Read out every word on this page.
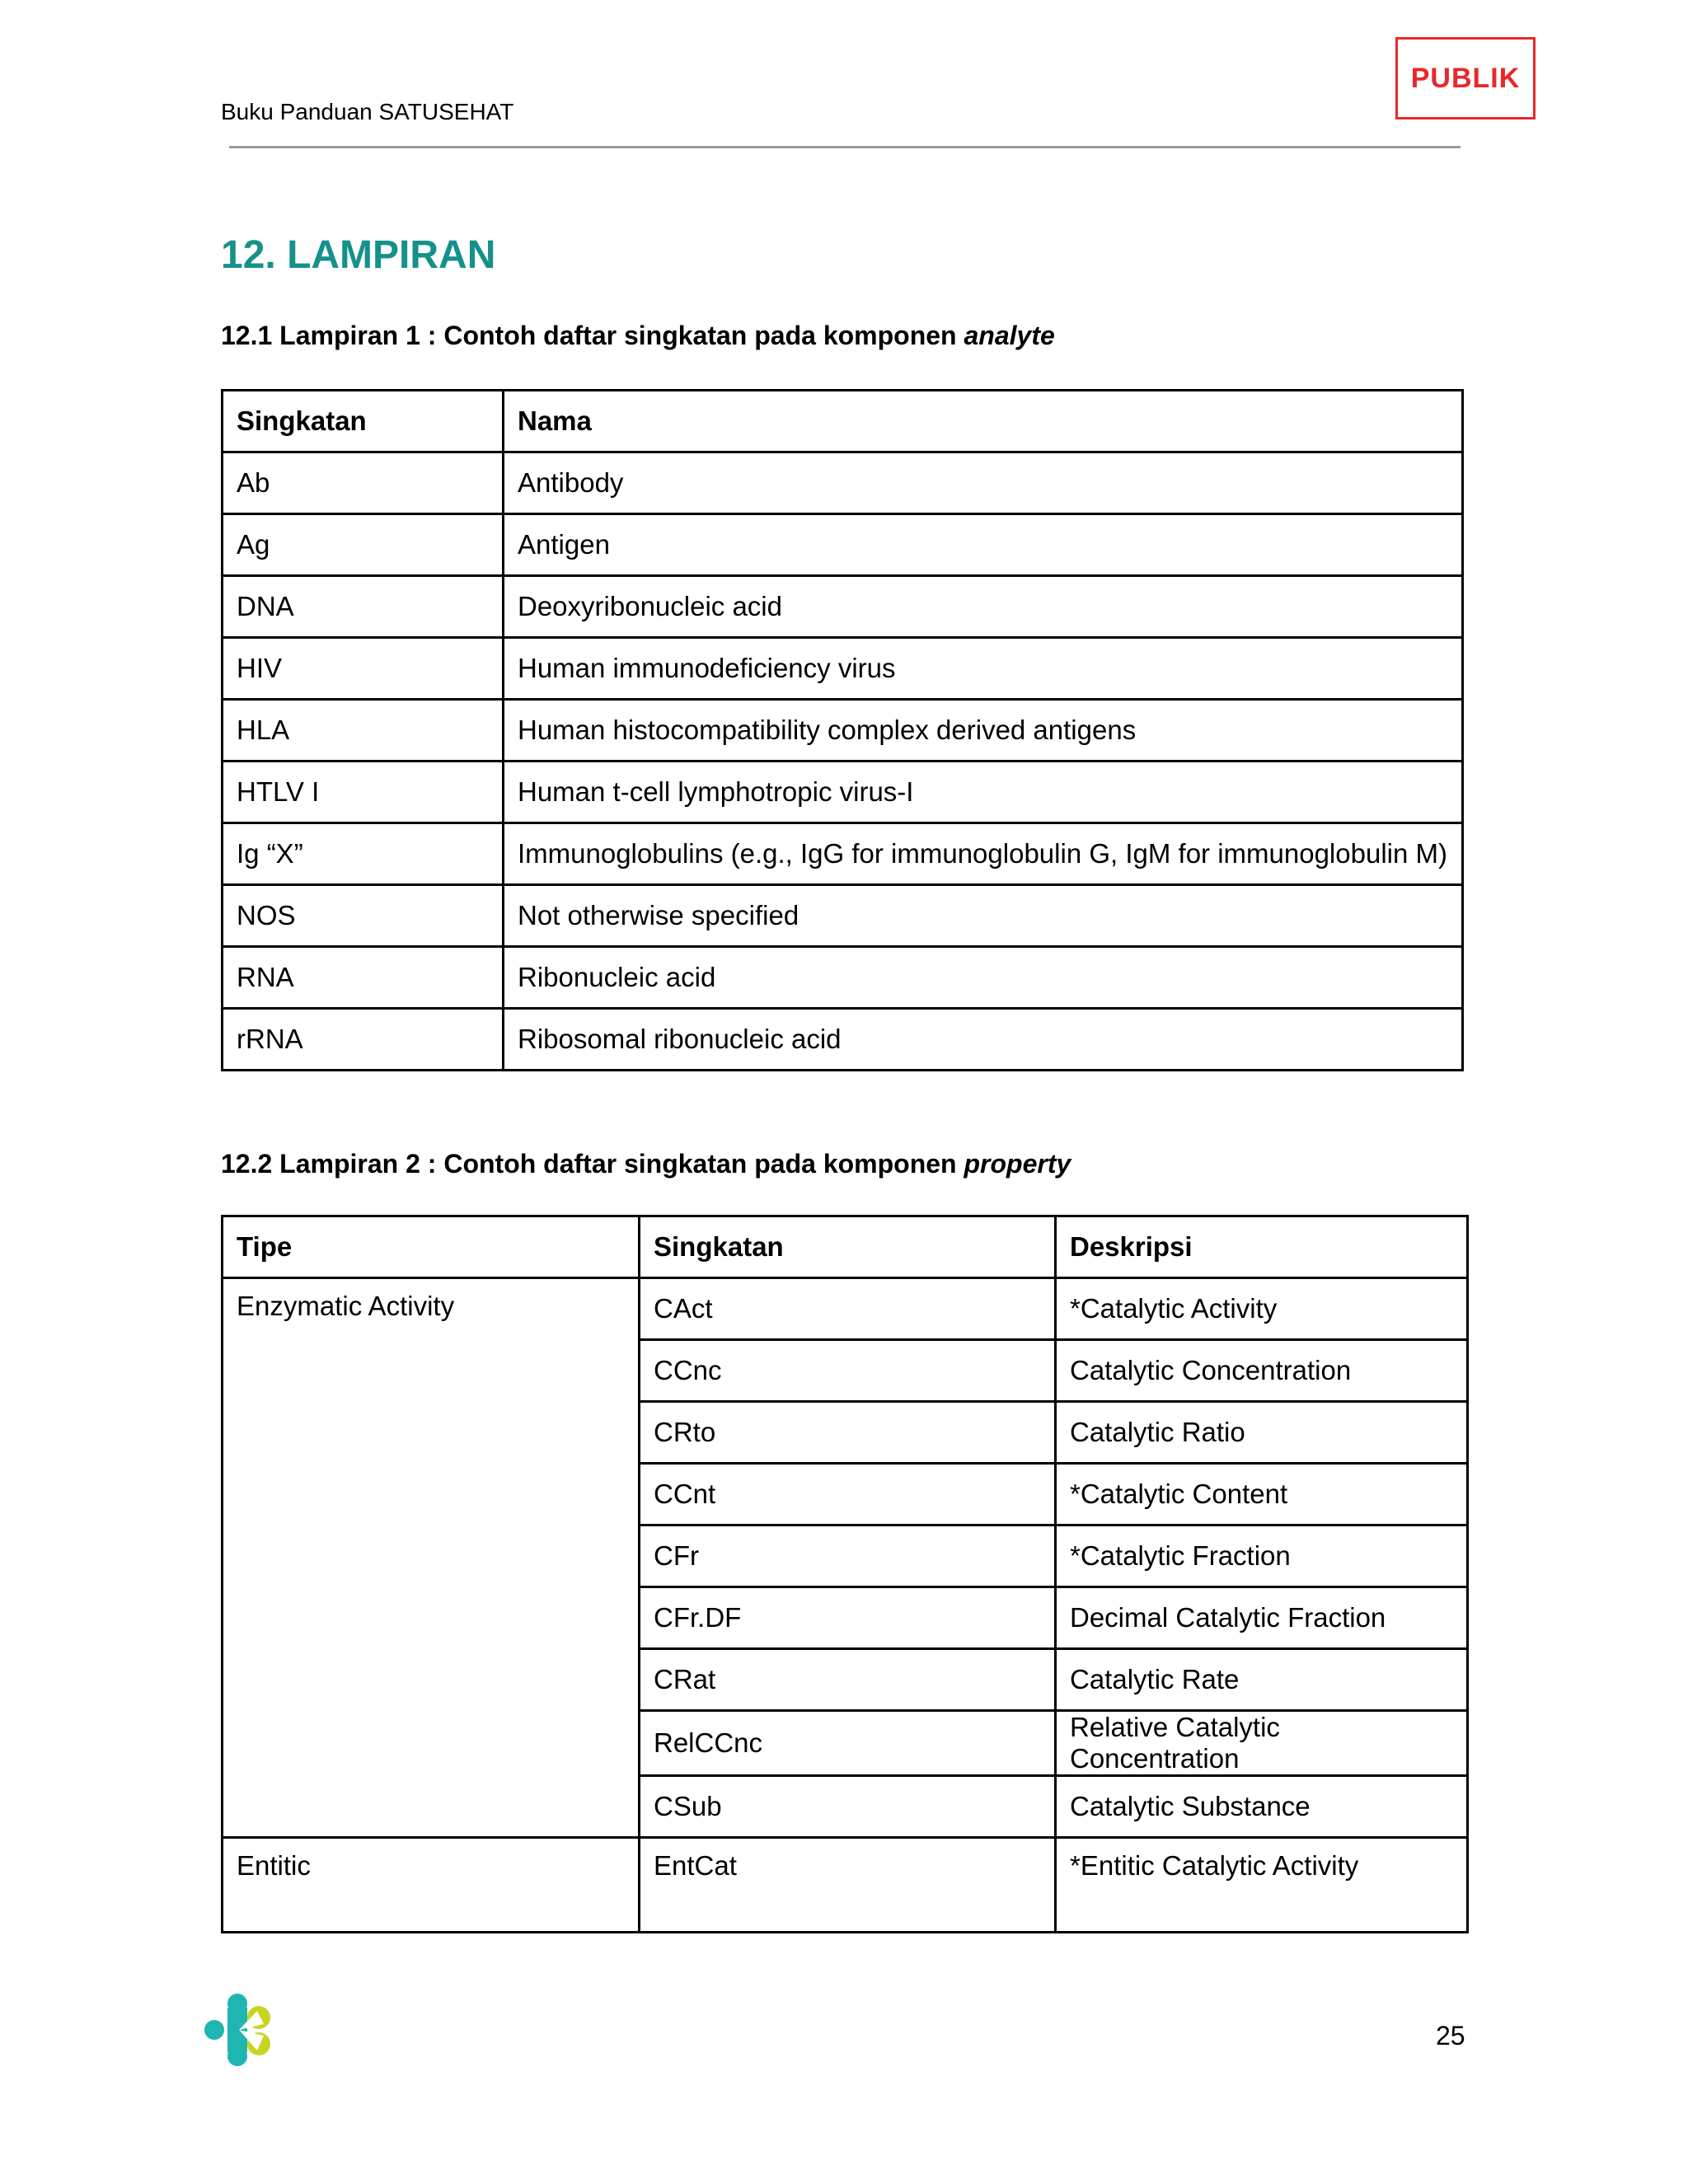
Buku Panduan SATUSEHAT
PUBLIK
12. LAMPIRAN
12.1 Lampiran 1 : Contoh daftar singkatan pada komponen analyte
Singkatan	Nama
Ab	Antibody
Ag	Antigen
DNA	Deoxyribonucleic acid
HIV	Human immunodeficiency virus
HLA	Human histocompatibility complex derived antigens
HTLV I	Human t-cell lymphotropic virus-I
Ig “X”	Immunoglobulins (e.g., IgG for immunoglobulin G, IgM for immunoglobulin M)
NOS	Not otherwise specified
RNA	Ribonucleic acid
rRNA	Ribosomal ribonucleic acid
12.2 Lampiran 2 : Contoh daftar singkatan pada komponen property
Tipe	Singkatan	Deskripsi
Enzymatic Activity	CAct	*Catalytic Activity
	CCnc	Catalytic Concentration
	CRto	Catalytic Ratio
	CCnt	*Catalytic Content
	CFr	*Catalytic Fraction
	CFr.DF	Decimal Catalytic Fraction
	CRat	Catalytic Rate
	RelCCnc	Relative Catalytic Concentration
	CSub	Catalytic Substance
Entitic	EntCat	*Entitic Catalytic Activity
25
